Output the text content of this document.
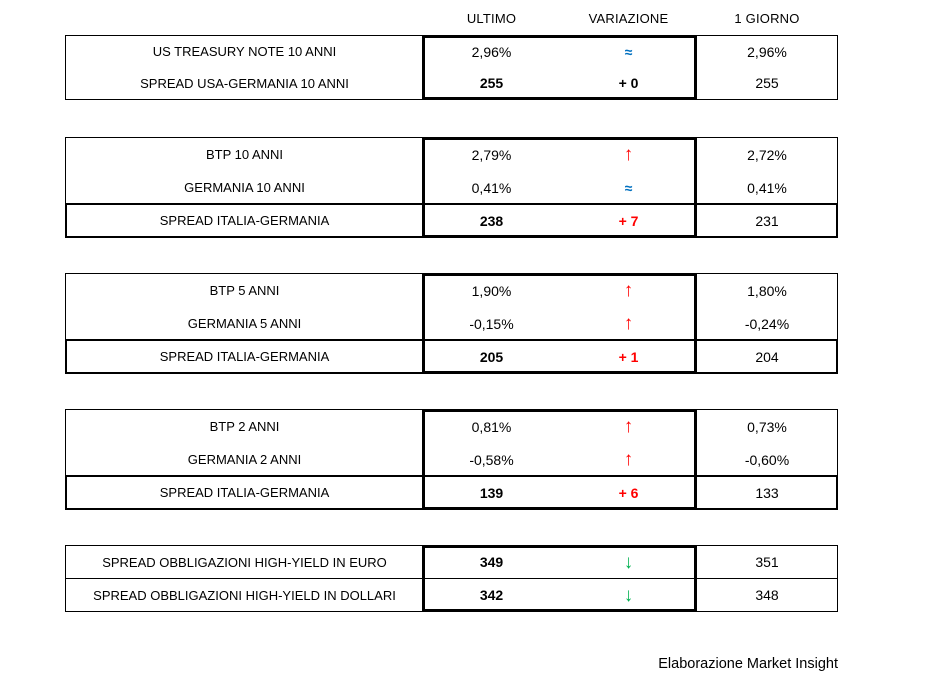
ULTIMO	VARIAZIONE	1 GIORNO
US TREASURY NOTE 10 ANNI	2,96%	≈	2,96%
SPREAD USA-GERMANIA 10 ANNI	255	+ 0	255
BTP 10 ANNI	2,79%	↑	2,72%
GERMANIA 10 ANNI	0,41%	≈	0,41%
SPREAD ITALIA-GERMANIA	238	+ 7	231
BTP 5 ANNI	1,90%	↑	1,80%
GERMANIA 5 ANNI	-0,15%	↑	-0,24%
SPREAD ITALIA-GERMANIA	205	+ 1	204
BTP 2 ANNI	0,81%	↑	0,73%
GERMANIA 2 ANNI	-0,58%	↑	-0,60%
SPREAD ITALIA-GERMANIA	139	+ 6	133
SPREAD OBBLIGAZIONI HIGH-YIELD IN EURO	349	↓	351
SPREAD OBBLIGAZIONI HIGH-YIELD IN DOLLARI	342	↓	348
Elaborazione Market Insight
